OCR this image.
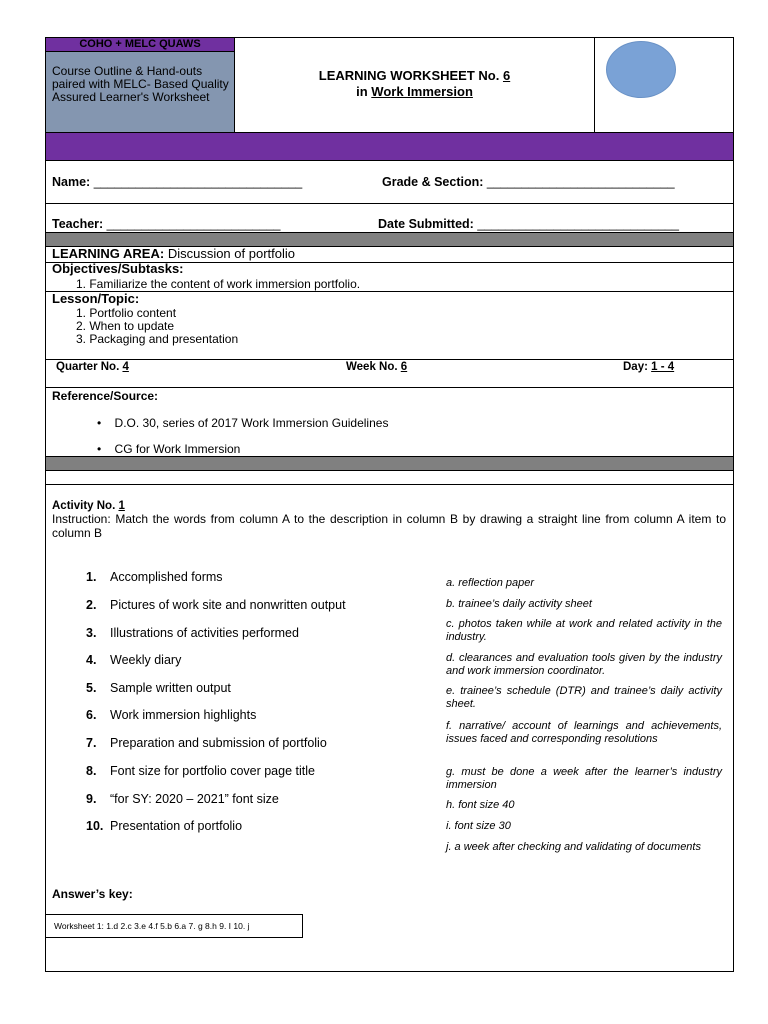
COHO + MELC QUAWS
Course Outline & Hand-outs paired with MELC- Based Quality Assured Learner's Worksheet
LEARNING WORKSHEET No. 6
in Work Immersion
Name: ______________________________	Grade & Section: ___________________________
Teacher: _________________________	Date Submitted: _____________________________
LEARNING AREA: Discussion of portfolio
Objectives/Subtasks:
1. Familiarize the content of work immersion portfolio.
Lesson/Topic:
1. Portfolio content
2. When to update
3. Packaging and presentation
Quarter No. 4	Week No. 6	Day: 1 - 4
Reference/Source:
• D.O. 30, series of 2017 Work Immersion Guidelines
• CG for Work Immersion
Activity No. 1
Instruction: Match the words from column A to the description in column B by drawing a straight line from column A item to column B
1. Accomplished forms
2. Pictures of work site and nonwritten output
3. Illustrations of activities performed
4. Weekly diary
5. Sample written output
6. Work immersion highlights
7. Preparation and submission of portfolio
8. Font size for portfolio cover page title
9. “for SY: 2020 – 2021” font size
10. Presentation of portfolio
a. reflection paper
b. trainee’s daily activity sheet
c. photos taken while at work and related activity in the industry.
d. clearances and evaluation tools given by the industry and work immersion coordinator.
e. trainee’s schedule (DTR) and trainee’s daily activity sheet.
f. narrative/ account of learnings and achievements, issues faced and corresponding resolutions
g. must be done a week after the learner’s industry immersion
h. font size 40
i. font size 30
j. a week after checking and validating of documents
Answer’s key:
Worksheet 1: 1.d 2.c 3.e 4.f 5.b 6.a 7. g 8.h 9. I 10. j
